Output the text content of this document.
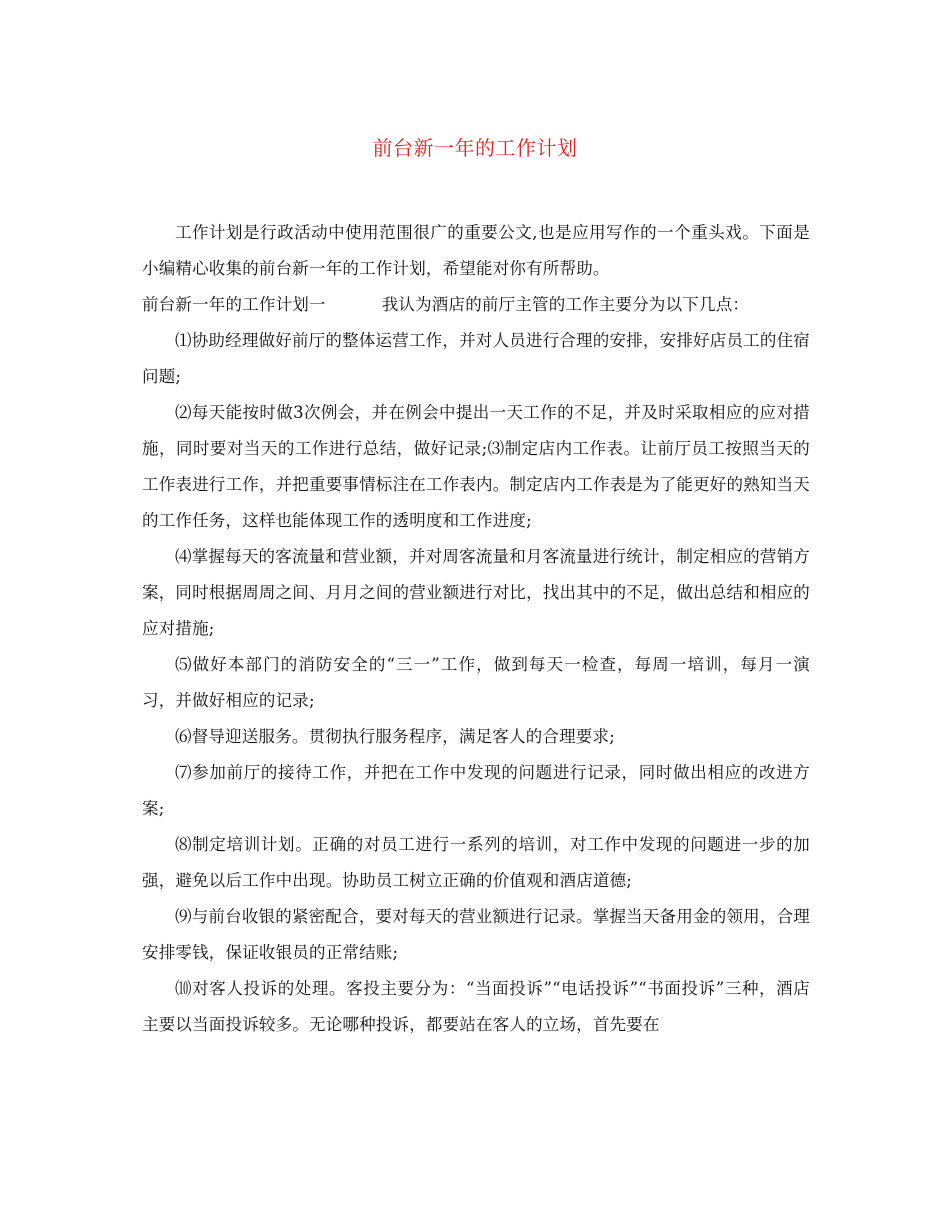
前台新一年的工作计划

工作计划是行政活动中使用范围很广的重要公文,也是应用写作的一个重头戏。下面是小编精心收集的前台新一年的工作计划，希望能对你有所帮助。

前台新一年的工作计划一	我认为酒店的前厅主管的工作主要分为以下几点：

⑴协助经理做好前厅的整体运营工作，并对人员进行合理的安排，安排好店员工的住宿问题;

⑵每天能按时做3次例会，并在例会中提出一天工作的不足，并及时采取相应的应对措施，同时要对当天的工作进行总结，做好记录;⑶制定店内工作表。让前厅员工按照当天的工作表进行工作，并把重要事情标注在工作表内。制定店内工作表是为了能更好的熟知当天的工作任务，这样也能体现工作的透明度和工作进度;

⑷掌握每天的客流量和营业额，并对周客流量和月客流量进行统计，制定相应的营销方案，同时根据周周之间、月月之间的营业额进行对比，找出其中的不足，做出总结和相应的应对措施;

⑸做好本部门的消防安全的“三一”工作，做到每天一检查，每周一培训，每月一演习，并做好相应的记录;

⑹督导迎送服务。贯彻执行服务程序，满足客人的合理要求;

⑺参加前厅的接待工作，并把在工作中发现的问题进行记录，同时做出相应的改进方案;

⑻制定培训计划。正确的对员工进行一系列的培训，对工作中发现的问题进一步的加强，避免以后工作中出现。协助员工树立正确的价值观和酒店道德;

⑼与前台收银的紧密配合，要对每天的营业额进行记录。掌握当天备用金的领用，合理安排零钱，保证收银员的正常结账;

⑽对客人投诉的处理。客投主要分为：“当面投诉”“电话投诉”“书面投诉”三种，酒店主要以当面投诉较多。无论哪种投诉，都要站在客人的立场，首先要在
